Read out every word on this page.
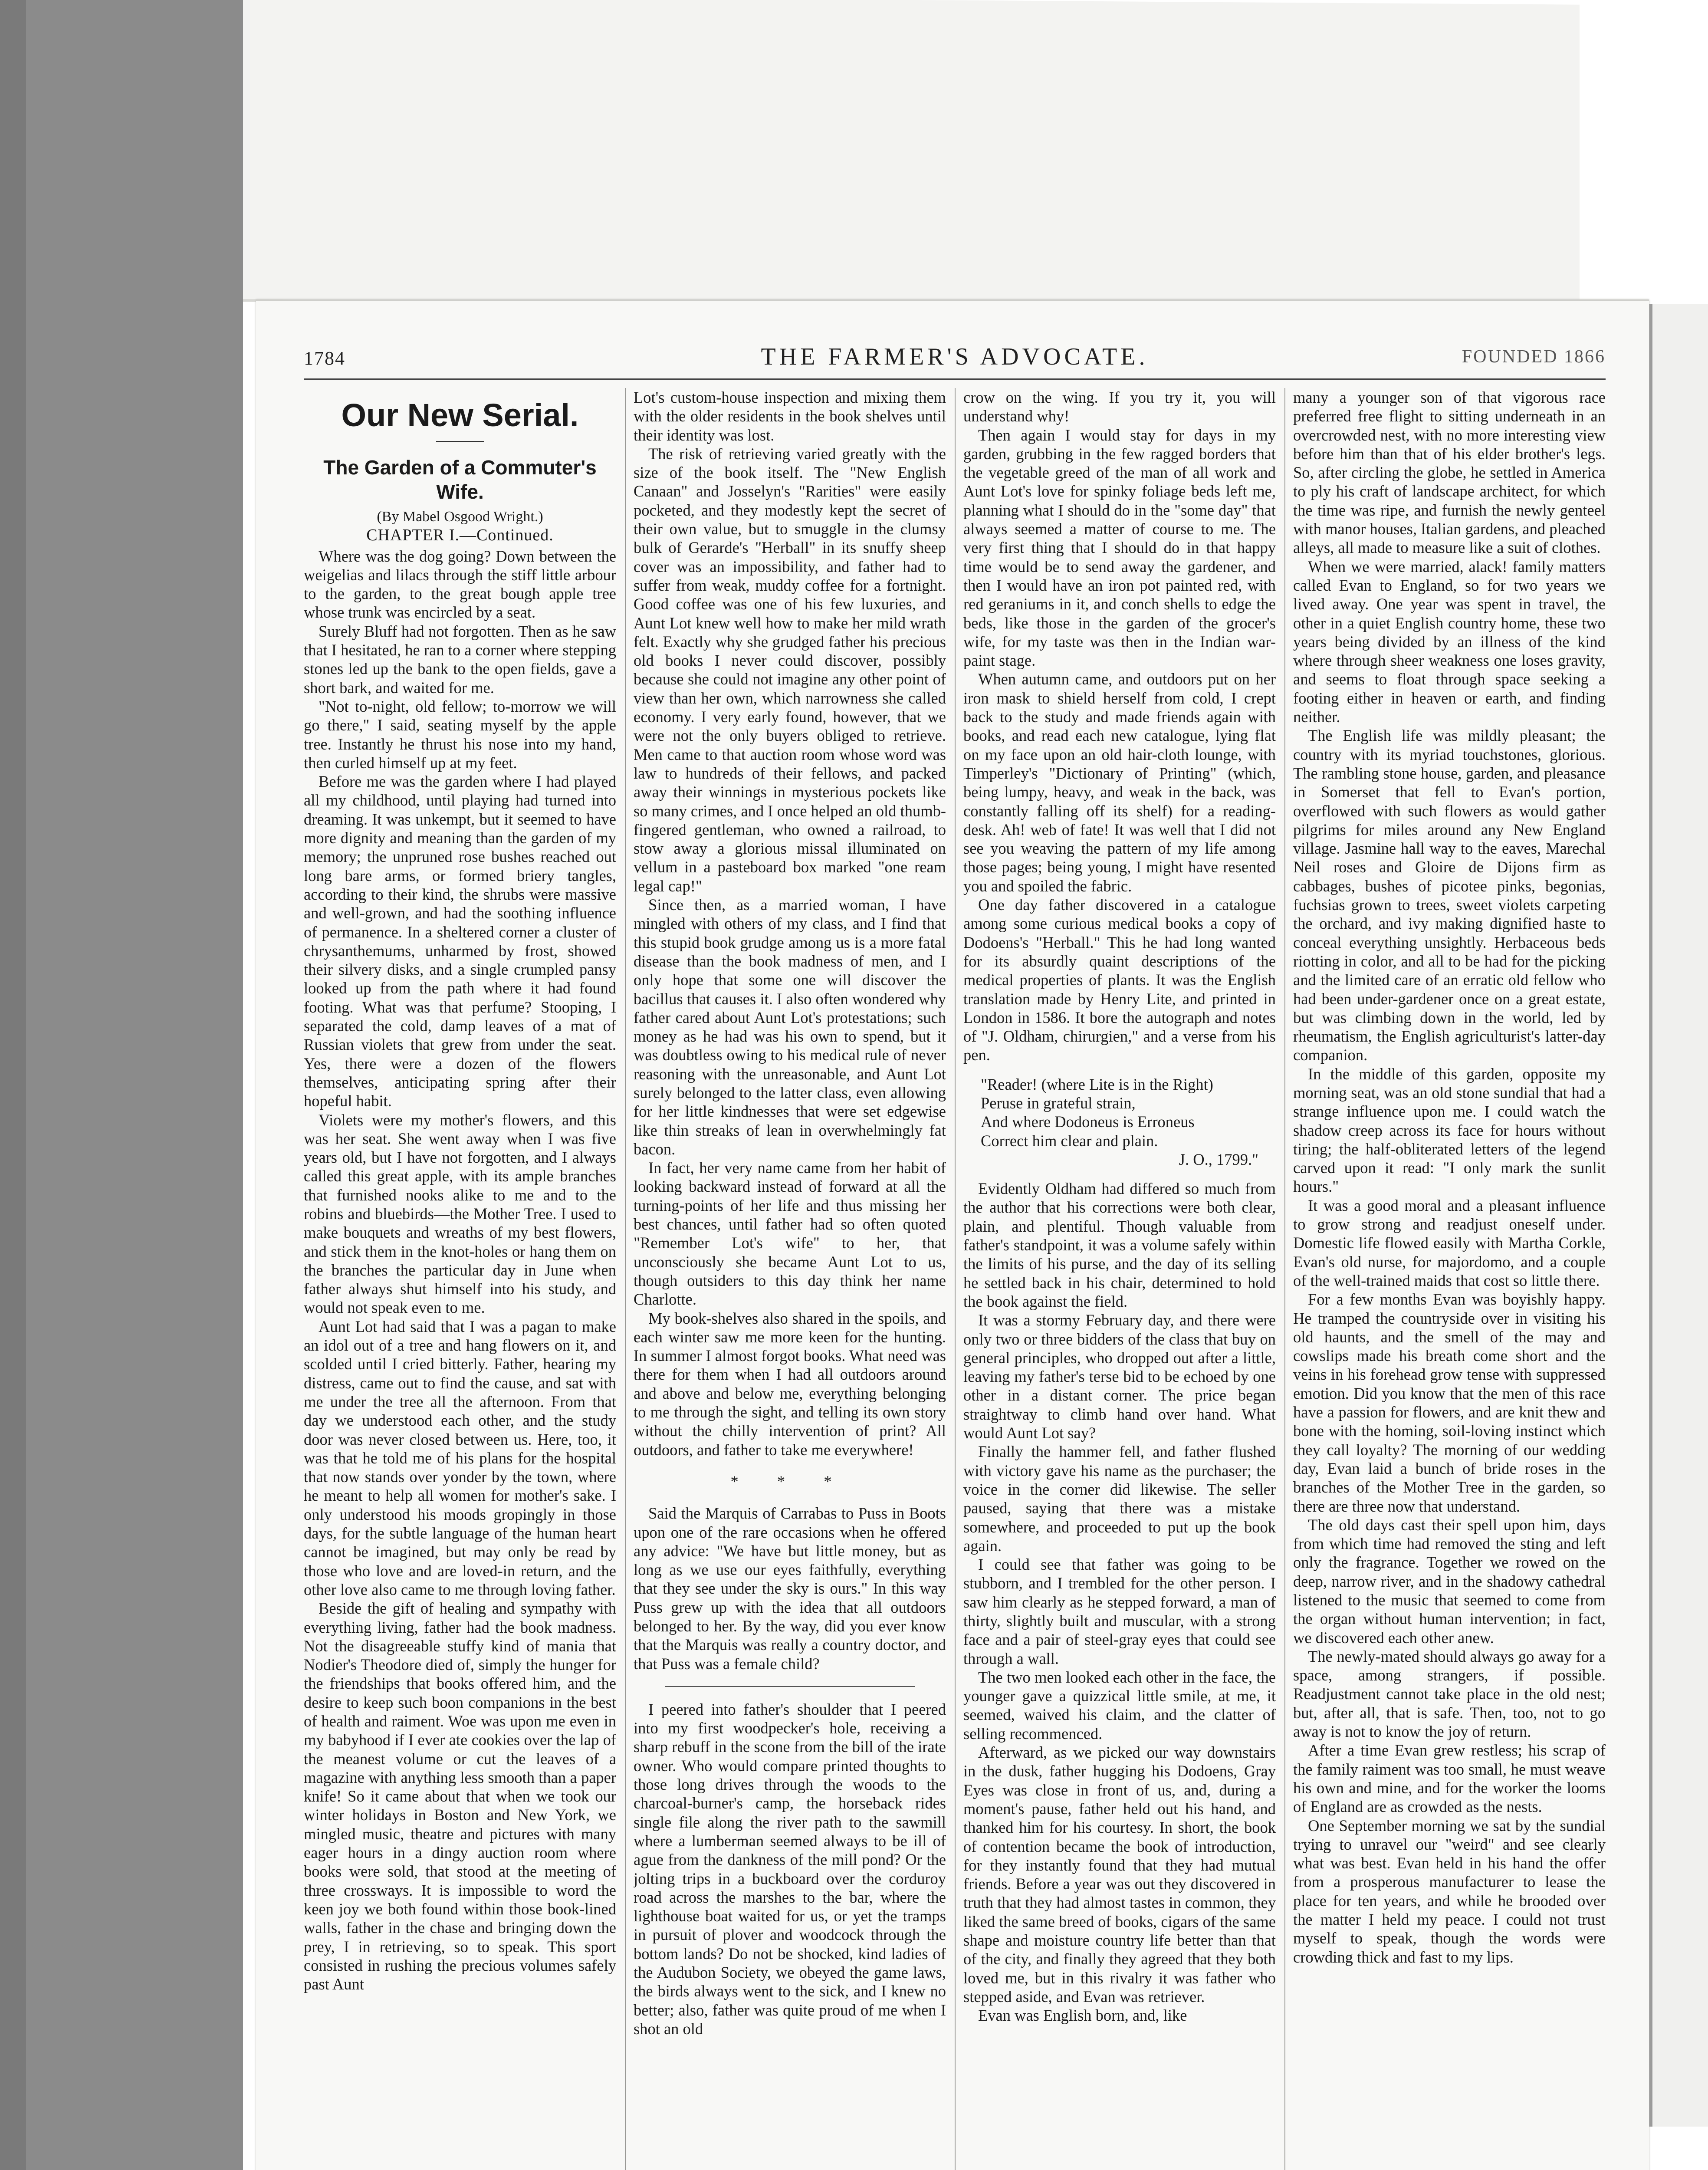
1784	THE FARMER'S ADVOCATE.	FOUNDED 1866
Our New Serial.
The Garden of a Commuter's Wife.
(By Mabel Osgood Wright.)
CHAPTER I.—Continued.

Where was the dog going? Down between the weigelias and lilacs through the stiff little arbour to the garden, to the great bough apple tree whose trunk was encircled by a seat.

Surely Bluff had not forgotten. Then as he saw that I hesitated, he ran to a corner where stepping stones led up the bank to the open fields, gave a short bark, and waited for me.

"Not to-night, old fellow; to-morrow we will go there," I said, seating myself by the apple tree. Instantly he thrust his nose into my hand, then curled himself up at my feet.

Before me was the garden where I had played all my childhood, until playing had turned into dreaming. It was unkempt, but it seemed to have more dignity and meaning than the garden of my memory; the unpruned rose bushes reached out long bare arms, or formed briery tangles, according to their kind, the shrubs were massive and well-grown, and had the soothing influence of permanence. In a sheltered corner a cluster of chrysanthemums, unharmed by frost, showed their silvery disks, and a single crumpled pansy looked up from the path where it had found footing. What was that perfume? Stooping, I separated the cold, damp leaves of a mat of Russian violets that grew from under the seat. Yes, there were a dozen of the flowers themselves, anticipating spring after their hopeful habit.

Violets were my mother's flowers, and this was her seat. She went away when I was five years old, but I have not forgotten, and I always called this great apple, with its ample branches that furnished nooks alike to me and to the robins and bluebirds—the Mother Tree. I used to make bouquets and wreaths of my best flowers, and stick them in the knot-holes or hang them on the branches the particular day in June when father always shut himself into his study, and would not speak even to me.

Aunt Lot had said that I was a pagan to make an idol out of a tree and hang flowers on it, and scolded until I cried bitterly. Father, hearing my distress, came out to find the cause, and sat with me under the tree all the afternoon. From that day we understood each other, and the study door was never closed between us. Here, too, it was that he told me of his plans for the hospital that now stands over yonder by the town, where he meant to help all women for mother's sake. I only understood his moods gropingly in those days, for the subtle language of the human heart cannot be imagined, but may only be read by those who love and are loved-in return, and the other love also came to me through loving father.

Beside the gift of healing and sympathy with everything living, father had the book madness. Not the disagreeable stuffy kind of mania that Nodier's Theodore died of, simply the hunger for the friendships that books offered him, and the desire to keep such boon companions in the best of health and raiment. Woe was upon me even in my babyhood if I ever ate cookies over the lap of the meanest volume or cut the leaves of a magazine with anything less smooth than a paper knife! So it came about that when we took our winter holidays in Boston and New York, we mingled music, theatre and pictures with many eager hours in a dingy auction room where books were sold, that stood at the meeting of three crossways. It is impossible to word the keen joy we both found within those book-lined walls, father in the chase and bringing down the prey, I in retrieving, so to speak. This sport consisted in rushing the precious volumes safely past Aunt

Lot's custom-house inspection and mixing them with the older residents in the book shelves until their identity was lost.

The risk of retrieving varied greatly with the size of the book itself. The "New English Canaan" and Josselyn's "Rarities" were easily pocketed, and they modestly kept the secret of their own value, but to smuggle in the clumsy bulk of Gerarde's "Herball" in its snuffy sheep cover was an impossibility, and father had to suffer from weak, muddy coffee for a fortnight. Good coffee was one of his few luxuries, and Aunt Lot knew well how to make her mild wrath felt. Exactly why she grudged father his precious old books I never could discover, possibly because she could not imagine any other point of view than her own, which narrowness she called economy. I very early found, however, that we were not the only buyers obliged to retrieve. Men came to that auction room whose word was law to hundreds of their fellows, and packed away their winnings in mysterious pockets like so many crimes, and I once helped an old thumb-fingered gentleman, who owned a railroad, to stow away a glorious missal illuminated on vellum in a pasteboard box marked "one ream legal cap!"

Since then, as a married woman, I have mingled with others of my class, and I find that this stupid book grudge among us is a more fatal disease than the book madness of men, and I only hope that some one will discover the bacillus that causes it. I also often wondered why father cared about Aunt Lot's protestations; such money as he had was his own to spend, but it was doubtless owing to his medical rule of never reasoning with the unreasonable, and Aunt Lot surely belonged to the latter class, even allowing for her little kindnesses that were set edgewise like thin streaks of lean in overwhelmingly fat bacon.

In fact, her very name came from her habit of looking backward instead of forward at all the turning-points of her life and thus missing her best chances, until father had so often quoted "Remember Lot's wife" to her, that unconsciously she became Aunt Lot to us, though outsiders to this day think her name Charlotte.

My book-shelves also shared in the spoils, and each winter saw me more keen for the hunting. In summer I almost forgot books. What need was there for them when I had all outdoors around and above and below me, everything belonging to me through the sight, and telling its own story without the chilly intervention of print? All outdoors, and father to take me everywhere!

* * *

Said the Marquis of Carrabas to Puss in Boots upon one of the rare occasions when he offered any advice: "We have but little money, but as long as we use our eyes faithfully, everything that they see under the sky is ours." In this way Puss grew up with the idea that all outdoors belonged to her. By the way, did you ever know that the Marquis was really a country doctor, and that Puss was a female child?

I peered into father's shoulder that I peered into my first woodpecker's hole, receiving a sharp rebuff in the scone from the bill of the irate owner. Who would compare printed thoughts to those long drives through the woods to the charcoal-burner's camp, the horseback rides single file along the river path to the sawmill where a lumberman seemed always to be ill of ague from the dankness of the mill pond? Or the jolting trips in a buckboard over the corduroy road across the marshes to the bar, where the lighthouse boat waited for us, or yet the tramps in pursuit of plover and woodcock through the bottom lands? Do not be shocked, kind ladies of the Audubon Society, we obeyed the game laws, the birds always went to the sick, and I knew no better; also, father was quite proud of me when I shot an old

crow on the wing. If you try it, you will understand why!

Then again I would stay for days in my garden, grubbing in the few ragged borders that the vegetable greed of the man of all work and Aunt Lot's love for spinky foliage beds left me, planning what I should do in the "some day" that always seemed a matter of course to me. The very first thing that I should do in that happy time would be to send away the gardener, and then I would have an iron pot painted red, with red geraniums in it, and conch shells to edge the beds, like those in the garden of the grocer's wife, for my taste was then in the Indian war-paint stage.

When autumn came, and outdoors put on her iron mask to shield herself from cold, I crept back to the study and made friends again with books, and read each new catalogue, lying flat on my face upon an old hair-cloth lounge, with Timperley's "Dictionary of Printing" (which, being lumpy, heavy, and weak in the back, was constantly falling off its shelf) for a reading-desk. Ah! web of fate! It was well that I did not see you weaving the pattern of my life among those pages; being young, I might have resented you and spoiled the fabric.

One day father discovered in a catalogue among some curious medical books a copy of Dodoens's "Herball." This he had long wanted for its absurdly quaint descriptions of the medical properties of plants. It was the English translation made by Henry Lite, and printed in London in 1586. It bore the autograph and notes of "J. Oldham, chirurgien," and a verse from his pen.

"Reader! (where Lite is in the Right)
Peruse in grateful strain,
And where Dodoneus is Erroneus
Correct him clear and plain.
J. O., 1799."

Evidently Oldham had differed so much from the author that his corrections were both clear, plain, and plentiful. Though valuable from father's standpoint, it was a volume safely within the limits of his purse, and the day of its selling he settled back in his chair, determined to hold the book against the field.

It was a stormy February day, and there were only two or three bidders of the class that buy on general principles, who dropped out after a little, leaving my father's terse bid to be echoed by one other in a distant corner. The price began straightway to climb hand over hand. What would Aunt Lot say?

Finally the hammer fell, and father flushed with victory gave his name as the purchaser; the voice in the corner did likewise. The seller paused, saying that there was a mistake somewhere, and proceeded to put up the book again.

I could see that father was going to be stubborn, and I trembled for the other person. I saw him clearly as he stepped forward, a man of thirty, slightly built and muscular, with a strong face and a pair of steel-gray eyes that could see through a wall.

The two men looked each other in the face, the younger gave a quizzical little smile, at me, it seemed, waived his claim, and the clatter of selling recommenced.

Afterward, as we picked our way downstairs in the dusk, father hugging his Dodoens, Gray Eyes was close in front of us, and, during a moment's pause, father held out his hand, and thanked him for his courtesy. In short, the book of contention became the book of introduction, for they instantly found that they had mutual friends. Before a year was out they discovered in truth that they had almost tastes in common, they liked the same breed of books, cigars of the same shape and moisture country life better than that of the city, and finally they agreed that they both loved me, but in this rivalry it was father who stepped aside, and Evan was retriever.

Evan was English born, and, like

many a younger son of that vigorous race preferred free flight to sitting underneath in an overcrowded nest, with no more interesting view before him than that of his elder brother's legs. So, after circling the globe, he settled in America to ply his craft of landscape architect, for which the time was ripe, and furnish the newly genteel with manor houses, Italian gardens, and pleached alleys, all made to measure like a suit of clothes.

When we were married, alack! family matters called Evan to England, so for two years we lived away. One year was spent in travel, the other in a quiet English country home, these two years being divided by an illness of the kind where through sheer weakness one loses gravity, and seems to float through space seeking a footing either in heaven or earth, and finding neither.

The English life was mildly pleasant; the country with its myriad touchstones, glorious. The rambling stone house, garden, and pleasance in Somerset that fell to Evan's portion, overflowed with such flowers as would gather pilgrims for miles around any New England village. Jasmine hall way to the eaves, Marechal Neil roses and Gloire de Dijons firm as cabbages, bushes of picotee pinks, begonias, fuchsias grown to trees, sweet violets carpeting the orchard, and ivy making dignified haste to conceal everything unsightly. Herbaceous beds riotting in color, and all to be had for the picking and the limited care of an erratic old fellow who had been under-gardener once on a great estate, but was climbing down in the world, led by rheumatism, the English agriculturist's latter-day companion.

In the middle of this garden, opposite my morning seat, was an old stone sundial that had a strange influence upon me. I could watch the shadow creep across its face for hours without tiring; the half-obliterated letters of the legend carved upon it read: "I only mark the sunlit hours."

It was a good moral and a pleasant influence to grow strong and readjust oneself under. Domestic life flowed easily with Martha Corkle, Evan's old nurse, for majordomo, and a couple of the well-trained maids that cost so little there.

For a few months Evan was boyishly happy. He tramped the countryside over in visiting his old haunts, and the smell of the may and cowslips made his breath come short and the veins in his forehead grow tense with suppressed emotion. Did you know that the men of this race have a passion for flowers, and are knit thew and bone with the homing, soil-loving instinct which they call loyalty? The morning of our wedding day, Evan laid a bunch of bride roses in the branches of the Mother Tree in the garden, so there are three now that understand.

The old days cast their spell upon him, days from which time had removed the sting and left only the fragrance. Together we rowed on the deep, narrow river, and in the shadowy cathedral listened to the music that seemed to come from the organ without human intervention; in fact, we discovered each other anew.

The newly-mated should always go away for a space, among strangers, if possible. Readjustment cannot take place in the old nest; but, after all, that is safe. Then, too, not to go away is not to know the joy of return.

After a time Evan grew restless; his scrap of the family raiment was too small, he must weave his own and mine, and for the worker the looms of England are as crowded as the nests.

One September morning we sat by the sundial trying to unravel our "weird" and see clearly what was best. Evan held in his hand the offer from a prosperous manufacturer to lease the place for ten years, and while he brooded over the matter I held my peace. I could not trust myself to speak, though the words were crowding thick and fast to my lips.
